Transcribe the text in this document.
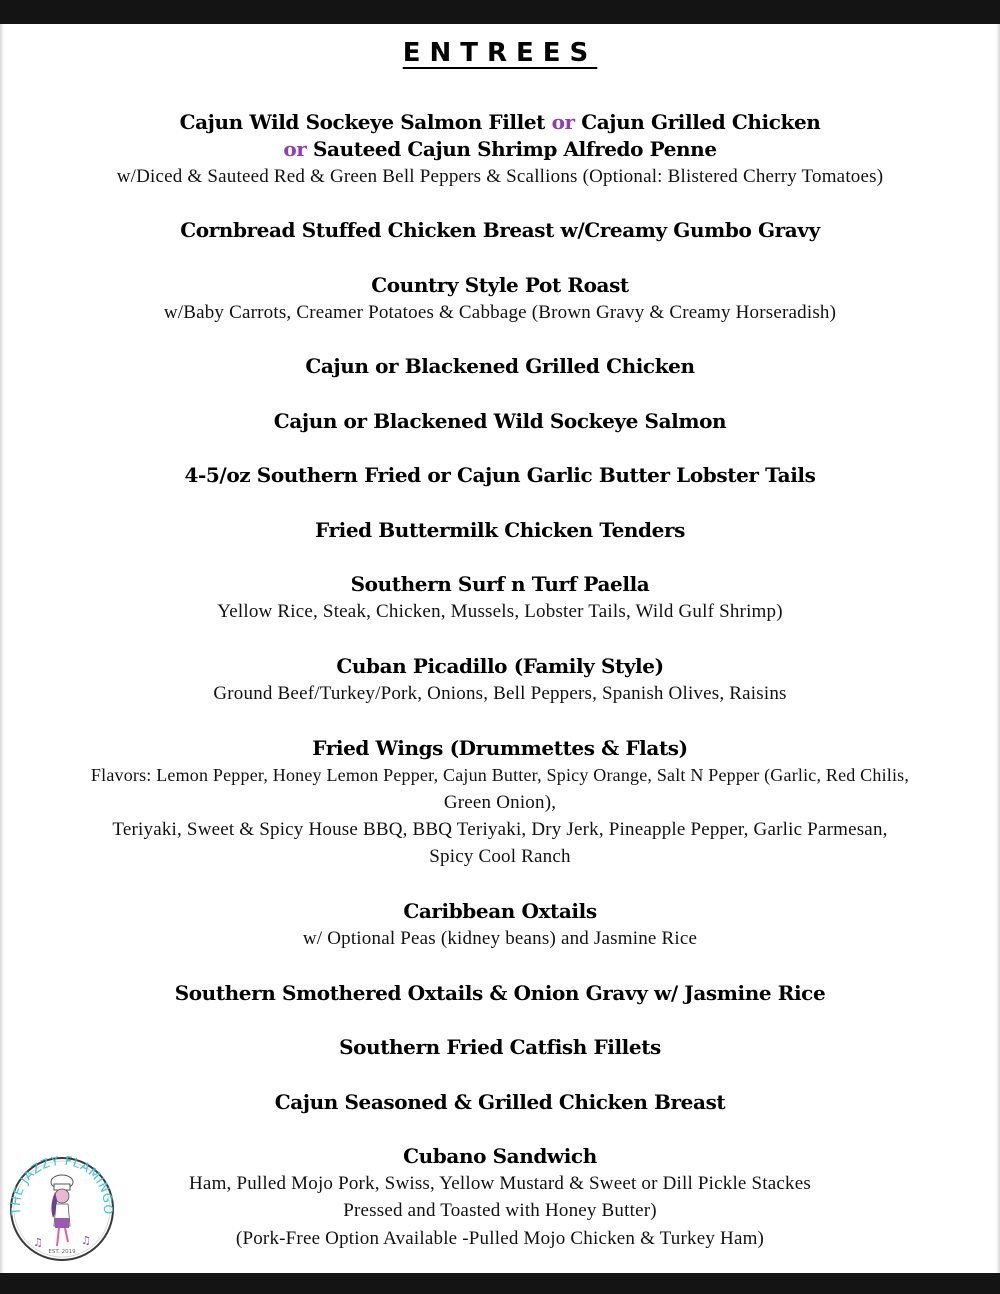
ENTREES
Cajun Wild Sockeye Salmon Fillet or Cajun Grilled Chicken
or Sauteed Cajun Shrimp Alfredo Penne
w/Diced & Sauteed Red & Green Bell Peppers & Scallions (Optional: Blistered Cherry Tomatoes)
Cornbread Stuffed Chicken Breast w/Creamy Gumbo Gravy
Country Style Pot Roast
w/Baby Carrots, Creamer Potatoes & Cabbage (Brown Gravy & Creamy Horseradish)
Cajun or Blackened Grilled Chicken
Cajun or Blackened Wild Sockeye Salmon
4-5/oz Southern Fried or Cajun Garlic Butter Lobster Tails
Fried Buttermilk Chicken Tenders
Southern Surf n Turf Paella
Yellow Rice, Steak, Chicken, Mussels, Lobster Tails, Wild Gulf Shrimp)
Cuban Picadillo (Family Style)
Ground Beef/Turkey/Pork, Onions, Bell Peppers, Spanish Olives, Raisins
Fried Wings (Drummettes & Flats)
Flavors: Lemon Pepper, Honey Lemon Pepper, Cajun Butter, Spicy Orange, Salt N Pepper (Garlic, Red Chilis,
Green Onion),
Teriyaki, Sweet & Spicy House BBQ, BBQ Teriyaki, Dry Jerk, Pineapple Pepper, Garlic Parmesan,
Spicy Cool Ranch
Caribbean Oxtails
w/ Optional Peas (kidney beans) and Jasmine Rice
Southern Smothered Oxtails & Onion Gravy w/ Jasmine Rice
Southern Fried Catfish Fillets
Cajun Seasoned & Grilled Chicken Breast
Cubano Sandwich
Ham, Pulled Mojo Pork, Swiss, Yellow Mustard & Sweet or Dill Pickle Stackes
Pressed and Toasted with Honey Butter)
(Pork-Free Option Available -Pulled Mojo Chicken & Turkey Ham)
THE JAZZY FLAMINGO
♫	♫
EST. 2019
